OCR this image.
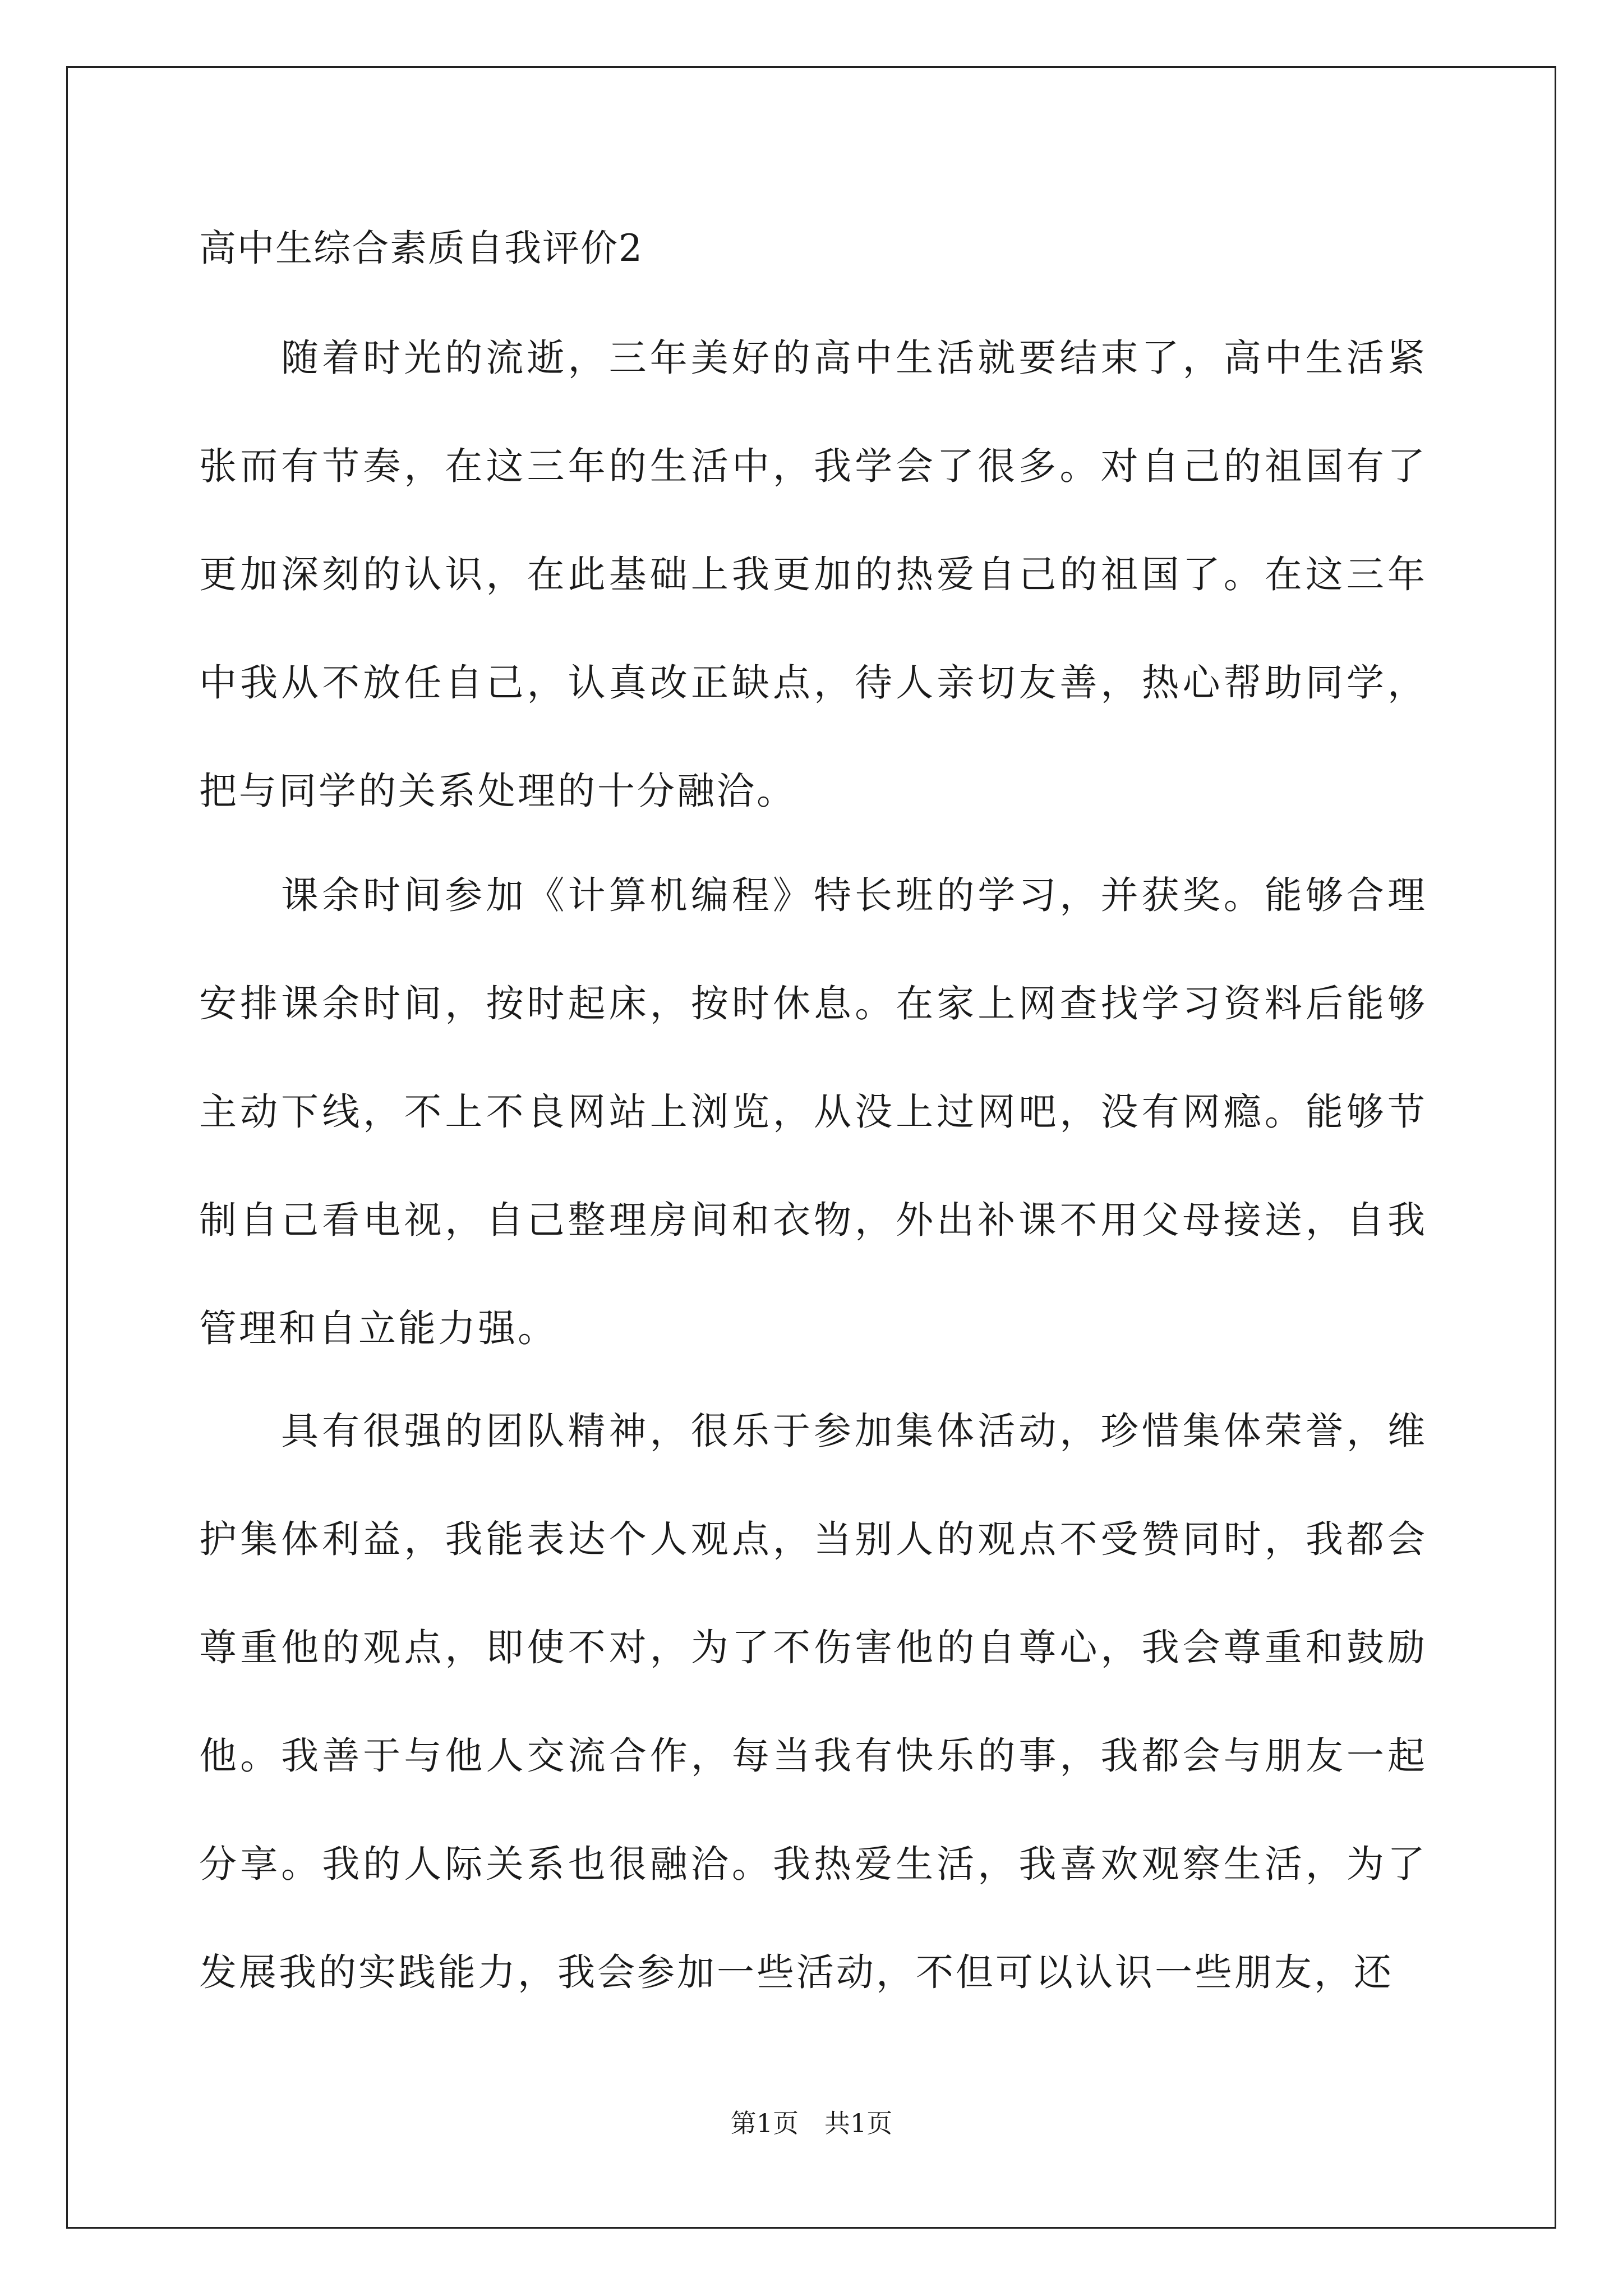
高中生综合素质自我评价2

随着时光的流逝，三年美好的高中生活就要结束了，高中生活紧张而有节奏，在这三年的生活中，我学会了很多。对自己的祖国有了更加深刻的认识，在此基础上我更加的热爱自己的祖国了。在这三年中我从不放任自己，认真改正缺点，待人亲切友善，热心帮助同学，把与同学的关系处理的十分融洽。

课余时间参加《计算机编程》特长班的学习，并获奖。能够合理安排课余时间，按时起床，按时休息。在家上网查找学习资料后能够主动下线，不上不良网站上浏览，从没上过网吧，没有网瘾。能够节制自己看电视，自己整理房间和衣物，外出补课不用父母接送，自我管理和自立能力强。

具有很强的团队精神，很乐于参加集体活动，珍惜集体荣誉，维护集体利益，我能表达个人观点，当别人的观点不受赞同时，我都会尊重他的观点，即使不对，为了不伤害他的自尊心，我会尊重和鼓励他。我善于与他人交流合作，每当我有快乐的事，我都会与朋友一起分享。我的人际关系也很融洽。我热爱生活，我喜欢观察生活，为了发展我的实践能力，我会参加一些活动，不但可以认识一些朋友，还

第1页　共1页
